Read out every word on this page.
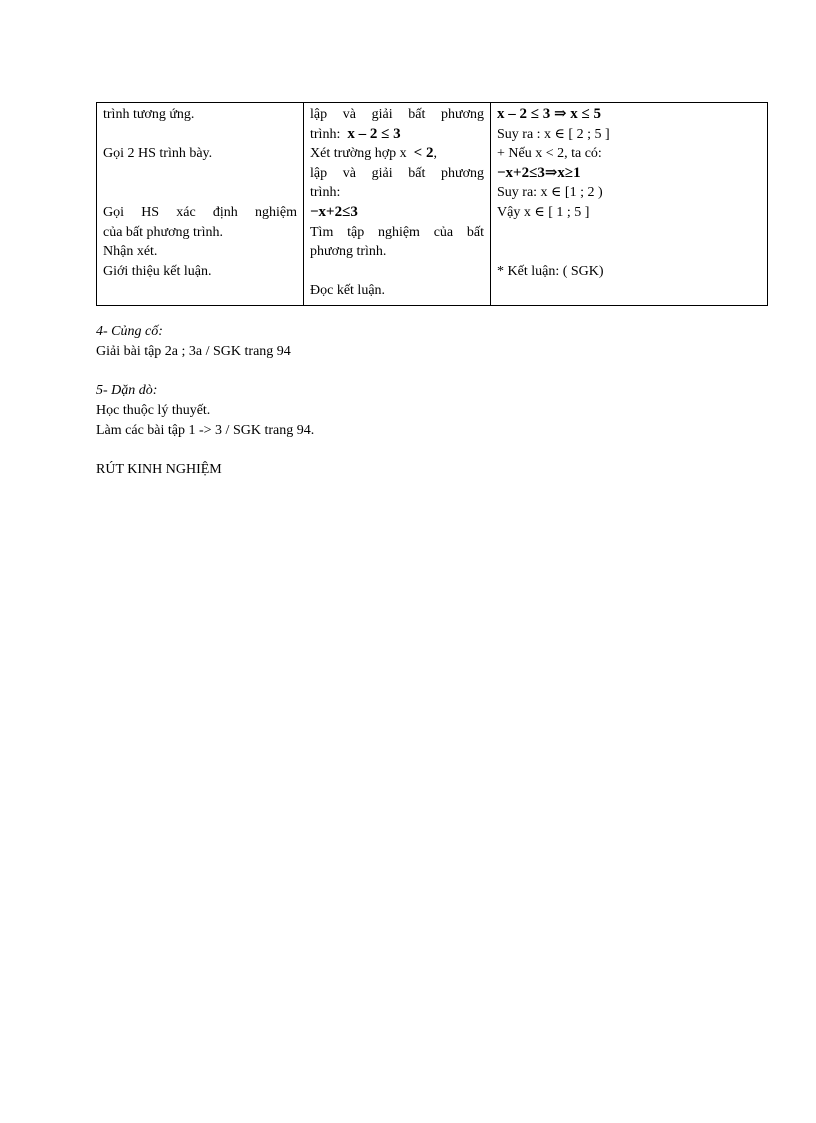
trình tương ứng.
Gọi 2 HS trình bày.
Gọi HS xác định nghiệm
của bất phương trình.
Nhận xét.
Giới thiệu kết luận.

lập và giải bất phương
trình: x – 2 ≤ 3
Xét trường hợp x < 2,
lập và giải bất phương
trình:
−x+2≤3
Tìm tập nghiệm của bất
phương trình.
Đọc kết luận.

x – 2 ≤ 3 ⇒ x ≤ 5
Suy ra : x ∈ [ 2 ; 5 ]
+ Nếu x < 2, ta có:
−x+2≤3⇒x≥1
Suy ra: x ∈ [1 ; 2 )
Vậy x ∈ [ 1 ; 5 ]
* Kết luận: ( SGK)
4- Củng cố:
Giải bài tập 2a ; 3a / SGK trang 94
5- Dặn dò:
Học thuộc lý thuyết.
Làm các bài tập 1 -> 3 / SGK trang 94.
RÚT KINH NGHIỆM
